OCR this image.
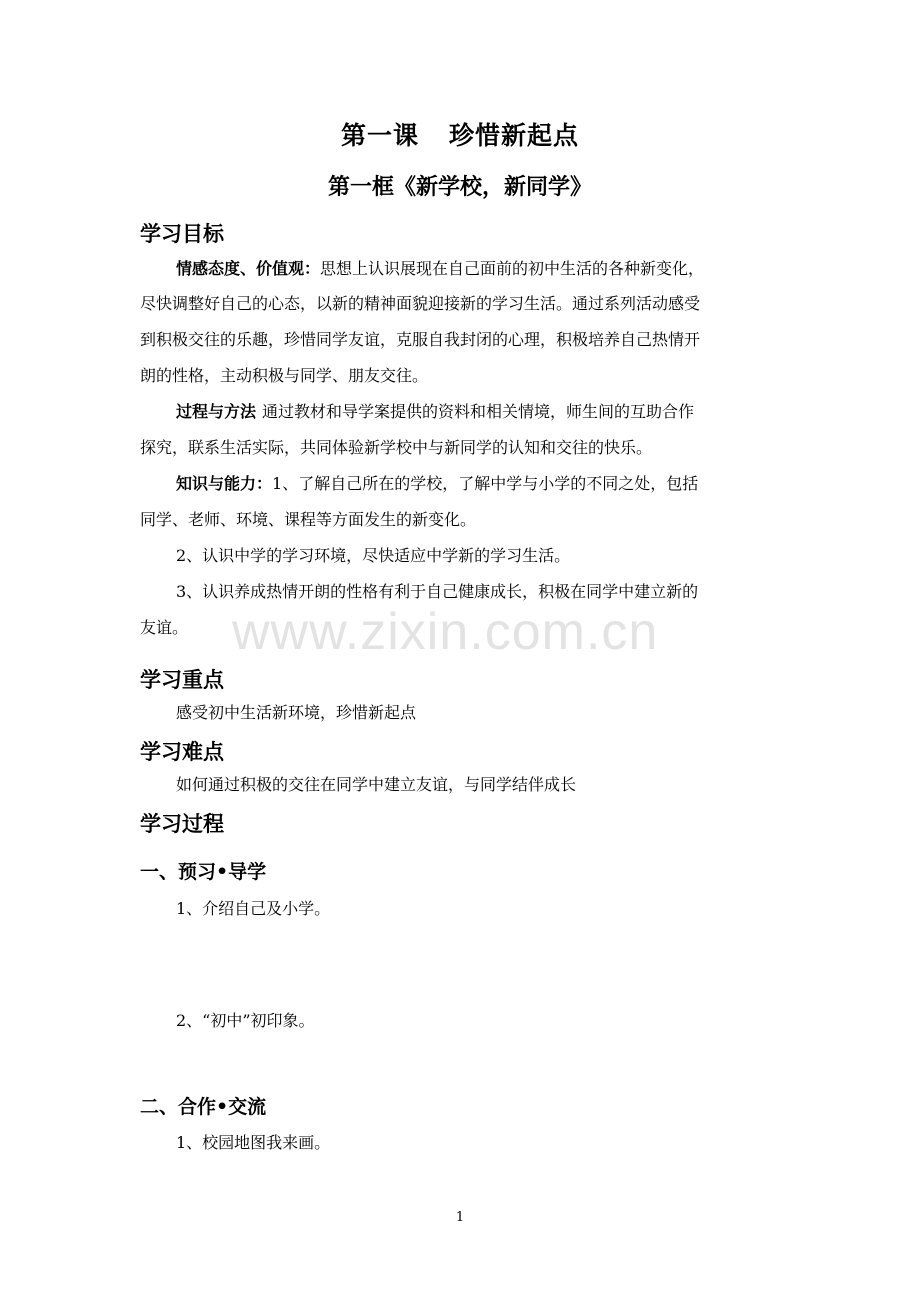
第一课 珍惜新起点
第一框《新学校，新同学》
学习目标
情感态度、价值观：思想上认识展现在自己面前的初中生活的各种新变化，
尽快调整好自己的心态，以新的精神面貌迎接新的学习生活。通过系列活动感受
到积极交往的乐趣，珍惜同学友谊，克服自我封闭的心理，积极培养自己热情开
朗的性格，主动积极与同学、朋友交往。
过程与方法 通过教材和导学案提供的资料和相关情境，师生间的互助合作
探究，联系生活实际，共同体验新学校中与新同学的认知和交往的快乐。
知识与能力：1、了解自己所在的学校，了解中学与小学的不同之处，包括
同学、老师、环境、课程等方面发生的新变化。
2、认识中学的学习环境，尽快适应中学新的学习生活。
3、认识养成热情开朗的性格有利于自己健康成长，积极在同学中建立新的
友谊。 www.zixin.com.cn
学习重点
感受初中生活新环境，珍惜新起点
学习难点
如何通过积极的交往在同学中建立友谊，与同学结伴成长
学习过程
一、预习•导学
1、介绍自己及小学。
2、“初中”初印象。
二、合作•交流
1、校园地图我来画。
1
